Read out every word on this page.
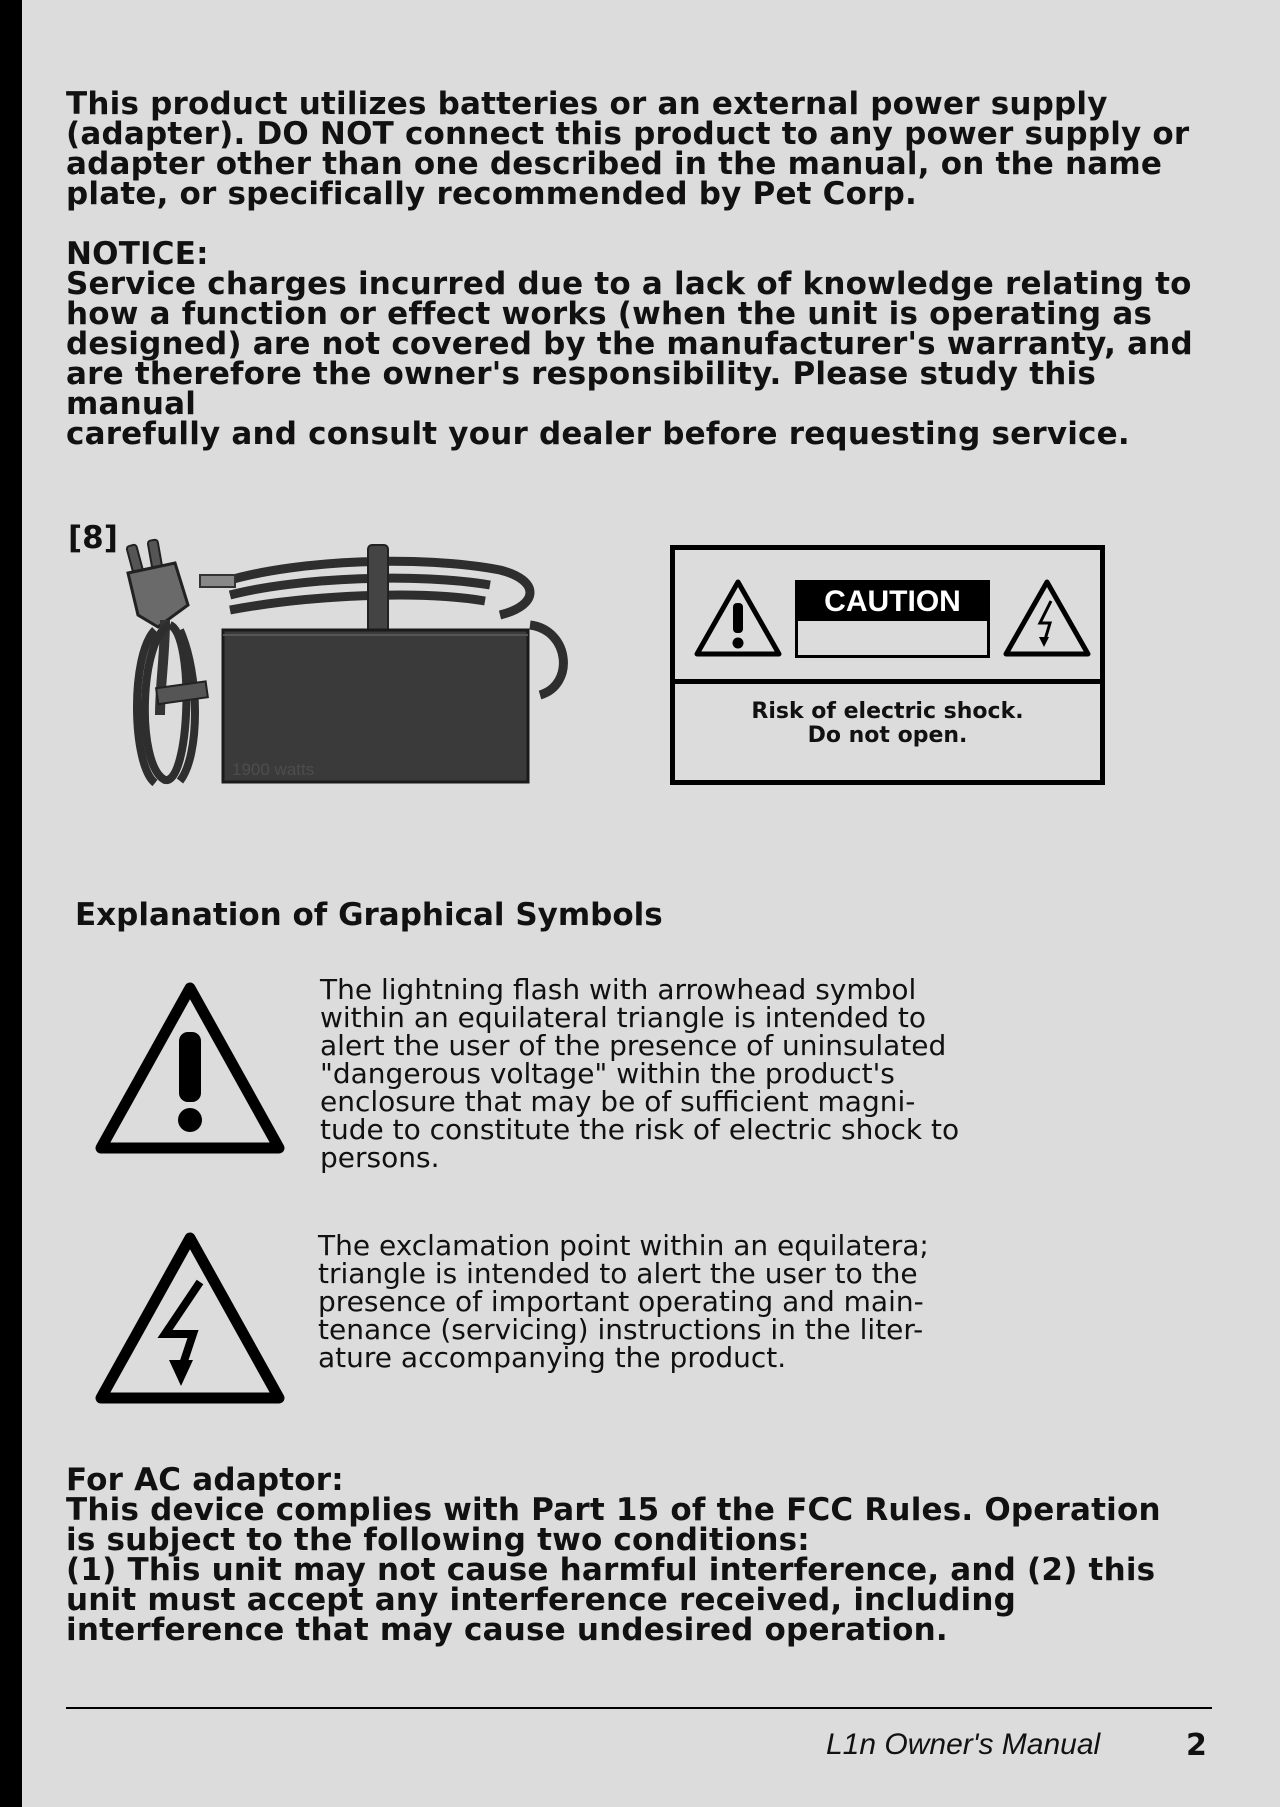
This product utilizes batteries or an external power supply

(adapter). DO NOT connect this product to any power supply or

adapter other than one described in the manual, on the name

plate, or specifically recommended by Pet Corp.

NOTICE:

Service charges incurred due to a lack of knowledge relating to

how a function or effect works (when the unit is operating as

designed) are not covered by the manufacturer's warranty, and

are therefore the owner's responsibility. Please study this manual

carefully and consult your dealer before requesting service.

[8]
1900 watts
CAUTION
Risk of electric shock.
Do not open.
Explanation of Graphical Symbols

The lightning flash with arrowhead symbol

within an equilateral triangle is intended to

alert the user of the presence of uninsulated

"dangerous voltage" within the product's

enclosure that may be of sufficient magni-

tude to constitute the risk of electric shock to

persons.

The exclamation point within an equilatera;

triangle is intended to alert the user to the

presence of important operating and main-

tenance (servicing) instructions in the liter-

ature accompanying the product.

For AC adaptor:

This device complies with Part 15 of the FCC Rules. Operation

is subject to the following two conditions:

(1) This unit may not cause harmful interference, and (2) this

unit must accept any interference received, including

interference that may cause undesired operation.

L1n Owner's Manual	2
